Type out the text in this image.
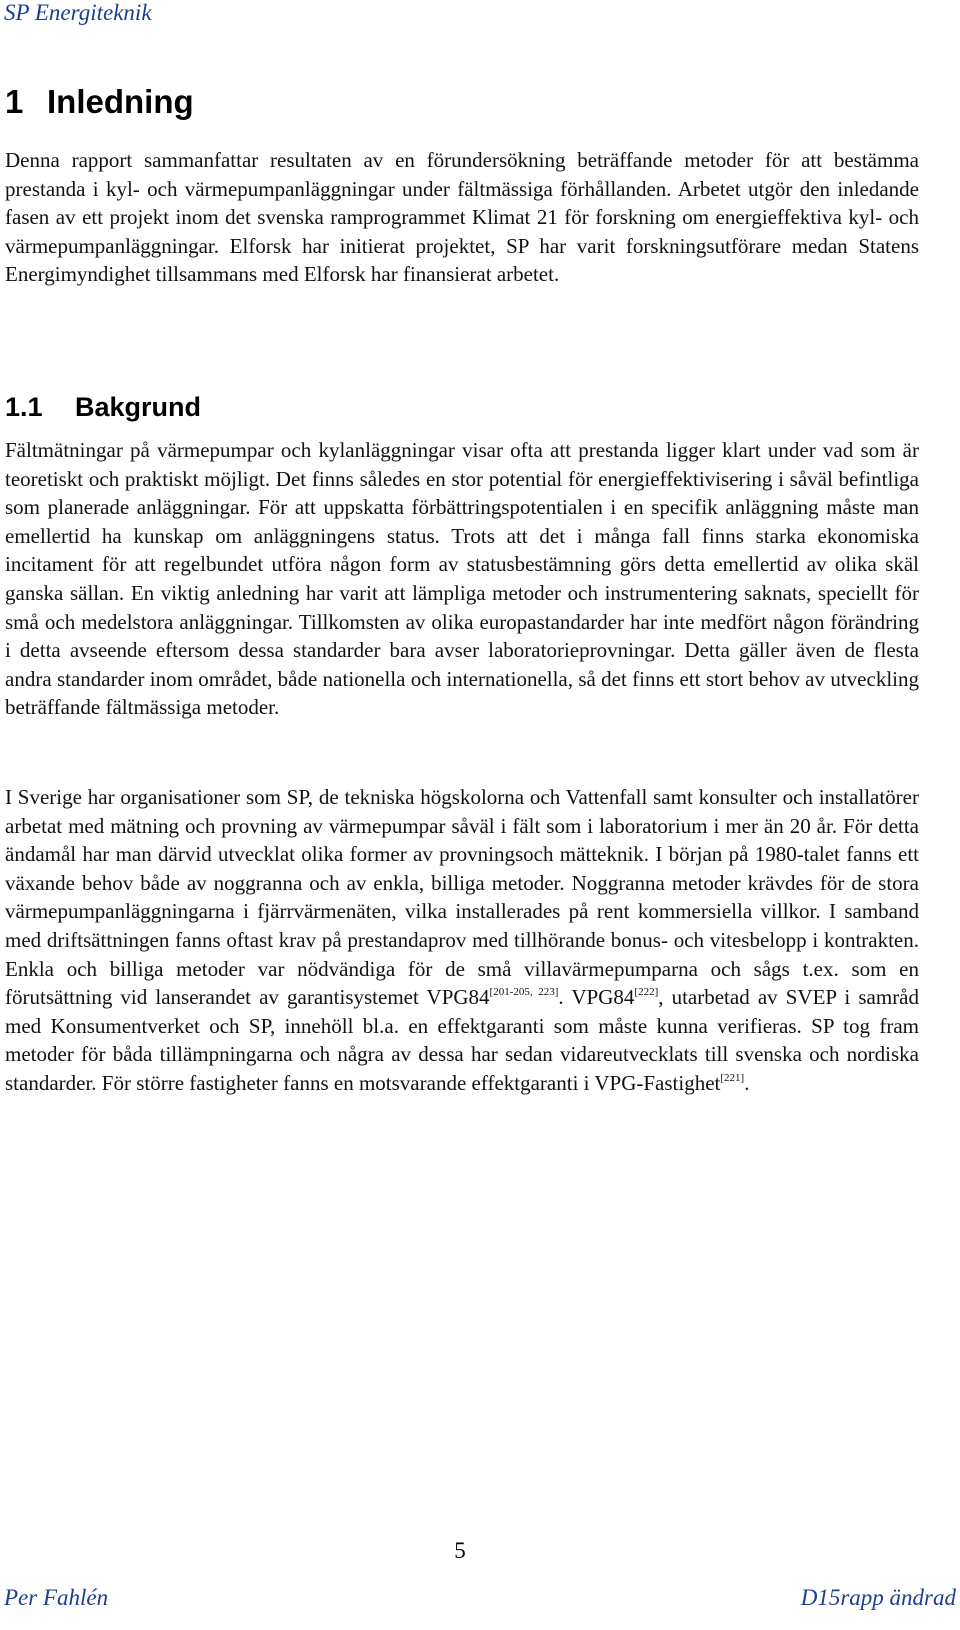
SP Energiteknik
1 Inledning

Denna rapport sammanfattar resultaten av en förundersökning beträffande metoder för att bestämma prestanda i kyl- och värmepumpanläggningar under fältmässiga förhållanden. Arbetet utgör den inledande fasen av ett projekt inom det svenska ramprogrammet Klimat 21 för forskning om energieffektiva kyl- och värmepumpanläggningar. Elforsk har initierat projektet, SP har varit forskningsutförare medan Statens Energimyndighet tillsammans med Elforsk har finansierat arbetet.

1.1 Bakgrund

Fältmätningar på värmepumpar och kylanläggningar visar ofta att prestanda ligger klart under vad som är teoretiskt och praktiskt möjligt. Det finns således en stor potential för energieffektivisering i såväl befintliga som planerade anläggningar. För att uppskatta förbättringspotentialen i en specifik anläggning måste man emellertid ha kunskap om anläggningens status. Trots att det i många fall finns starka ekonomiska incitament för att regelbundet utföra någon form av statusbestämning görs detta emellertid av olika skäl ganska sällan. En viktig anledning har varit att lämpliga metoder och instrumentering saknats, speciellt för små och medelstora anläggningar. Tillkomsten av olika europastandarder har inte medfört någon förändring i detta avseende eftersom dessa standarder bara avser laboratorieprovningar. Detta gäller även de flesta andra standarder inom området, både nationella och internationella, så det finns ett stort behov av utveckling beträffande fältmässiga metoder.

I Sverige har organisationer som SP, de tekniska högskolorna och Vattenfall samt konsulter och installatörer arbetat med mätning och provning av värmepumpar såväl i fält som i laboratorium i mer än 20 år. För detta ändamål har man därvid utvecklat olika former av provningsoch mätteknik. I början på 1980-talet fanns ett växande behov både av noggranna och av enkla, billiga metoder. Noggranna metoder krävdes för de stora värmepumpanläggningarna i fjärrvärmenäten, vilka installerades på rent kommersiella villkor. I samband med driftsättningen fanns oftast krav på prestandaprov med tillhörande bonus- och vitesbelopp i kontrakten. Enkla och billiga metoder var nödvändiga för de små villavärmepumparna och sågs t.ex. som en förutsättning vid lanserandet av garantisystemet VPG84[201-205, 223]. VPG84[222], utarbetad av SVEP i samråd med Konsumentverket och SP, innehöll bl.a. en effektgaranti som måste kunna verifieras. SP tog fram metoder för båda tillämpningarna och några av dessa har sedan vidareutvecklats till svenska och nordiska standarder. För större fastigheter fanns en motsvarande effektgaranti i VPG-Fastighet[221].

5
Per Fahlén	D15rapp ändrad
